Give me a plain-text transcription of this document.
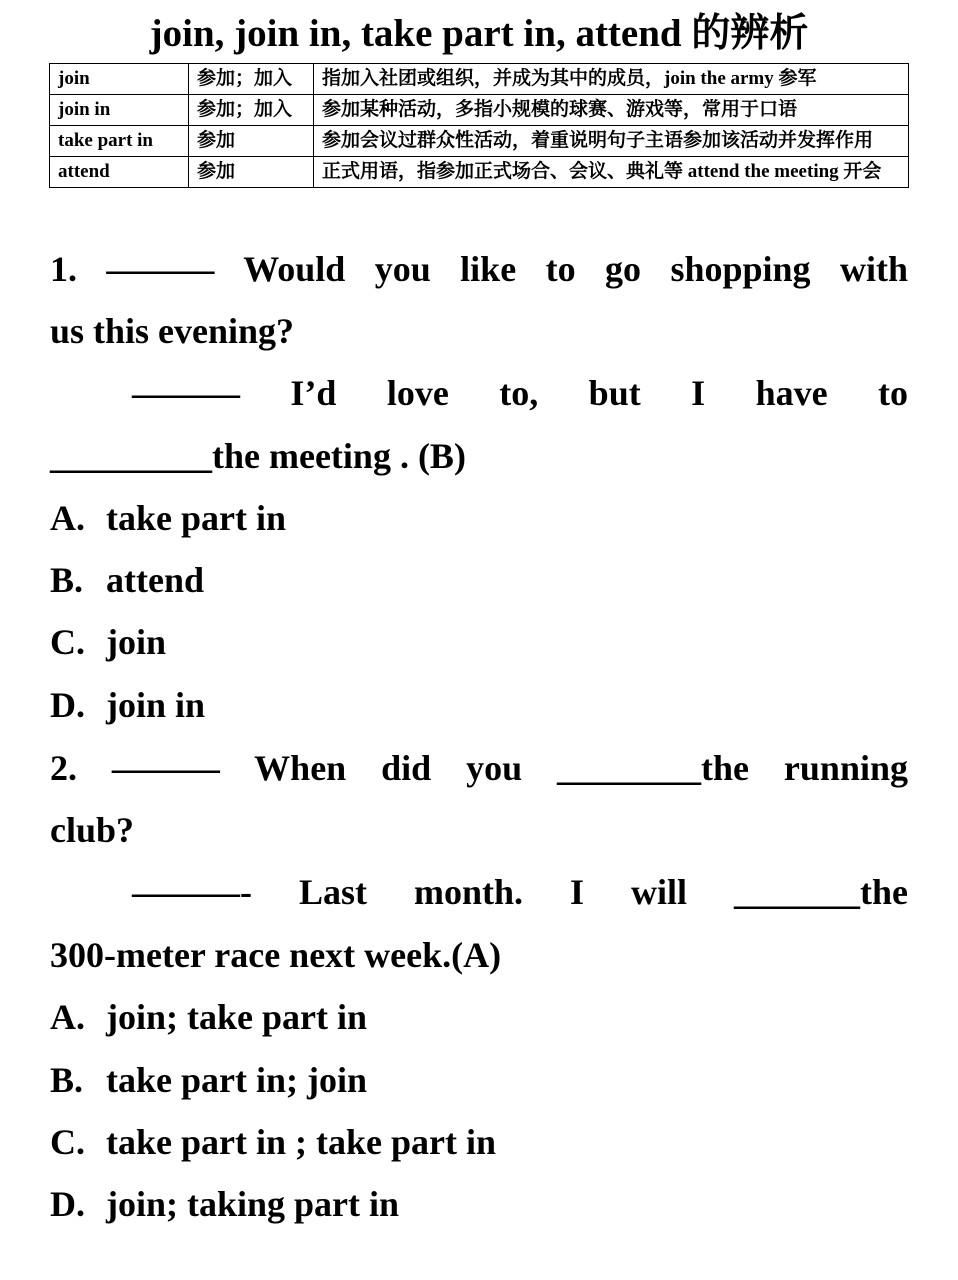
join, join in, take part in, attend 的辨析
join	参加；加入	指加入社团或组织，并成为其中的成员，join the army 参军
join in	参加；加入	参加某种活动，多指小规模的球赛、游戏等，常用于口语
take part in	参加	参加会议过群众性活动，着重说明句子主语参加该活动并发挥作用
attend	参加	正式用语，指参加正式场合、会议、典礼等 attend the meeting 开会
1. ——— Would you like to go shopping with
us this evening?
——— I’d love to, but I have to
_________the meeting . (B)
A. take part in
B. attend
C. join
D. join in
2. ——— When did you ________the running
club?
———- Last month. I will _______the
300-meter race next week.(A)
A. join; take part in
B. take part in; join
C. take part in ; take part in
D. join; taking part in
